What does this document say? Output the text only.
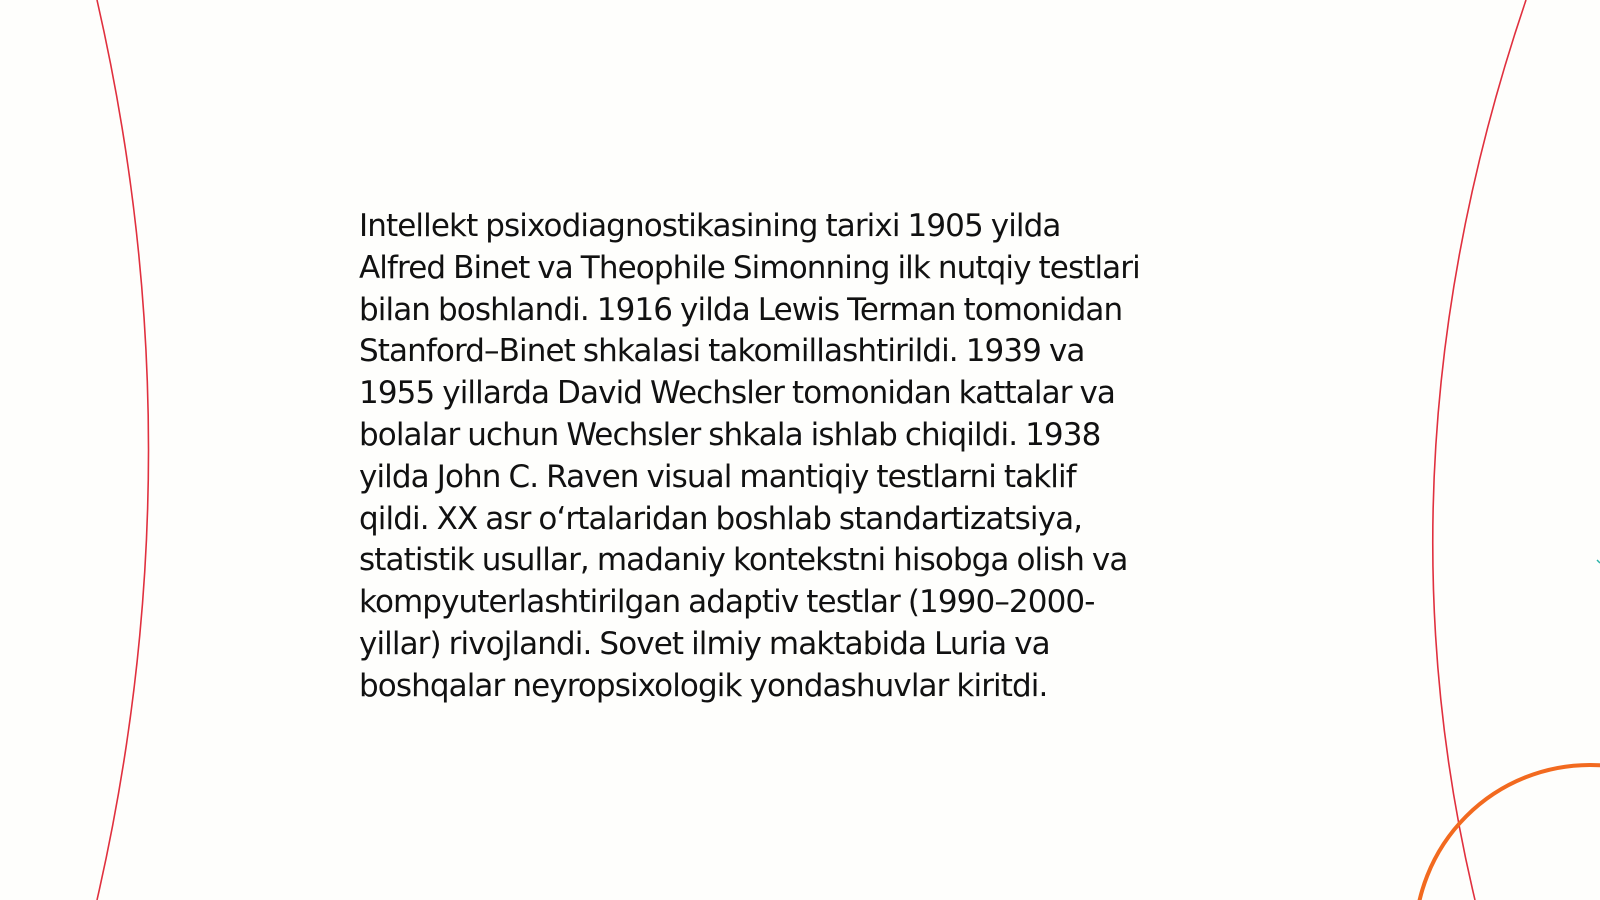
Intellekt psixodiagnostikasining tarixi 1905 yilda
Alfred Binet va Theophile Simonning ilk nutqiy testlari
bilan boshlandi. 1916 yilda Lewis Terman tomonidan
Stanford–Binet shkalasi takomillashtirildi. 1939 va
1955 yillarda David Wechsler tomonidan kattalar va
bolalar uchun Wechsler shkala ishlab chiqildi. 1938
yilda John C. Raven visual mantiqiy testlarni taklif
qildi. XX asr o‘rtalaridan boshlab standartizatsiya,
statistik usullar, madaniy kontekstni hisobga olish va
kompyuterlashtirilgan adaptiv testlar (1990–2000-
yillar) rivojlandi. Sovet ilmiy maktabida Luria va
boshqalar neyropsixologik yondashuvlar kiritdi.
